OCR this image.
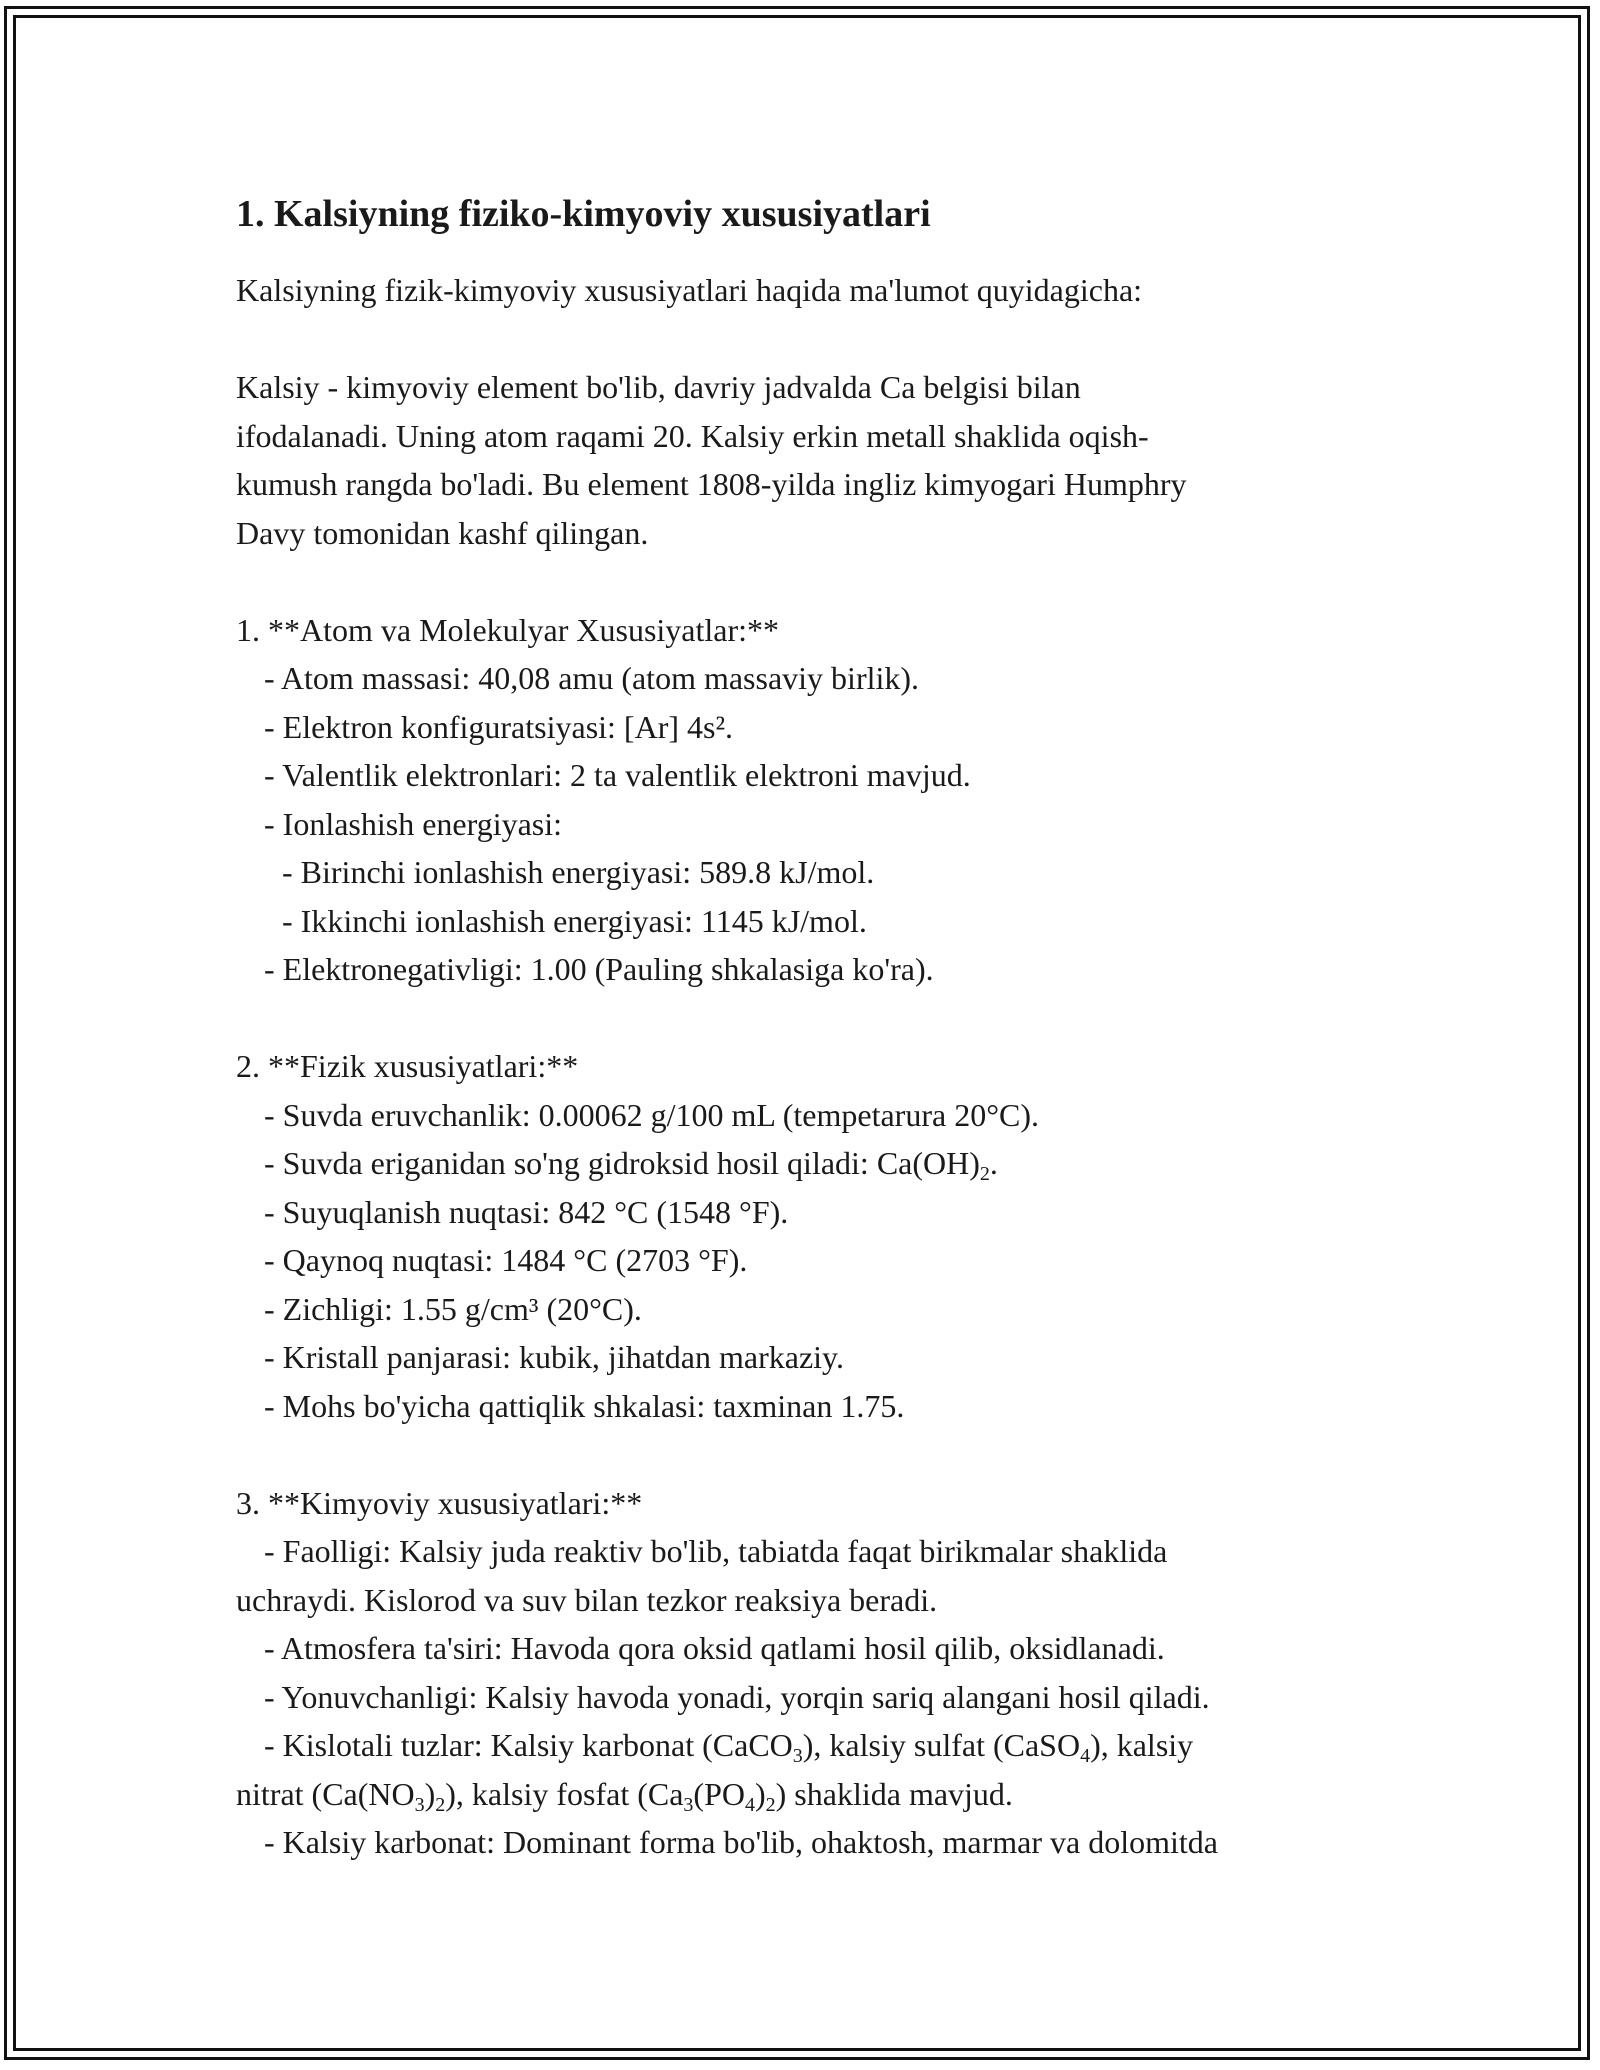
1. Kalsiyning fiziko-kimyoviy xususiyatlari

Kalsiyning fizik-kimyoviy xususiyatlari haqida ma'lumot quyidagicha:

Kalsiy - kimyoviy element bo'lib, davriy jadvalda Ca belgisi bilan

ifodalanadi. Uning atom raqami 20. Kalsiy erkin metall shaklida oqish-

kumush rangda bo'ladi. Bu element 1808-yilda ingliz kimyogari Humphry

Davy tomonidan kashf qilingan.

1. **Atom va Molekulyar Xususiyatlar:**

- Atom massasi: 40,08 amu (atom massaviy birlik).

- Elektron konfiguratsiyasi: [Ar] 4s².

- Valentlik elektronlari: 2 ta valentlik elektroni mavjud.

- Ionlashish energiyasi:

- Birinchi ionlashish energiyasi: 589.8 kJ/mol.

- Ikkinchi ionlashish energiyasi: 1145 kJ/mol.

- Elektronegativligi: 1.00 (Pauling shkalasiga ko'ra).

2. **Fizik xususiyatlari:**

- Suvda eruvchanlik: 0.00062 g/100 mL (tempetarura 20°C).

- Suvda eriganidan so'ng gidroksid hosil qiladi: $Ca(OH)_2$.

- Suyuqlanish nuqtasi: 842 °C (1548 °F).

- Qaynoq nuqtasi: 1484 °C (2703 °F).

- Zichligi: 1.55 g/cm³ (20°C).

- Kristall panjarasi: kubik, jihatdan markaziy.

- Mohs bo'yicha qattiqlik shkalasi: taxminan 1.75.

3. **Kimyoviy xususiyatlari:**

- Faolligi: Kalsiy juda reaktiv bo'lib, tabiatda faqat birikmalar shaklida

uchraydi. Kislorod va suv bilan tezkor reaksiya beradi.

- Atmosfera ta'siri: Havoda qora oksid qatlami hosil qilib, oksidlanadi.

- Yonuvchanligi: Kalsiy havoda yonadi, yorqin sariq alangani hosil qiladi.

- Kislotali tuzlar: Kalsiy karbonat (CaCO$_3$), kalsiy sulfat (CaSO$_4$), kalsiy

nitrat $(Ca(NO_3)_2)$, kalsiy fosfat $(Ca_3(PO_4)_2)$ shaklida mavjud.

- Kalsiy karbonat: Dominant forma bo'lib, ohaktosh, marmar va dolomitda
